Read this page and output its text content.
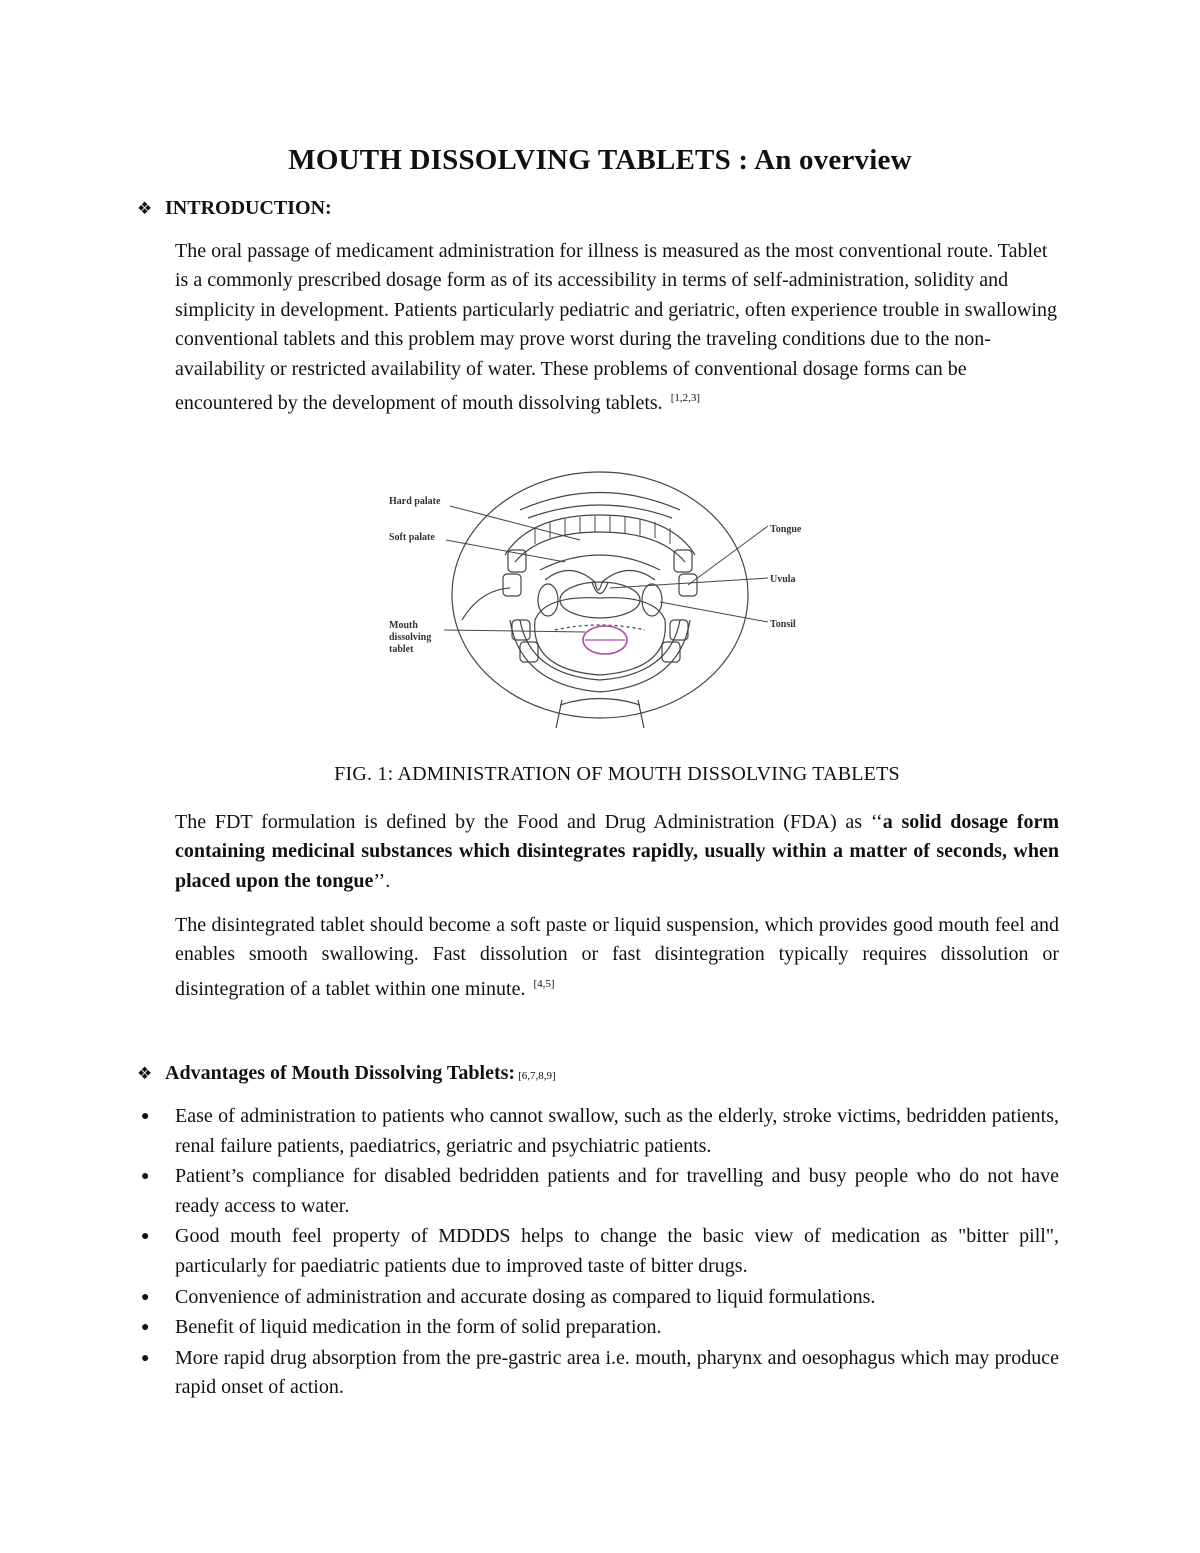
MOUTH DISSOLVING TABLETS : An overview
❖ INTRODUCTION:

The oral passage of medicament administration for illness is measured as the most conventional route. Tablet is a commonly prescribed dosage form as of its accessibility in terms of self-administration, solidity and simplicity in development. Patients particularly pediatric and geriatric, often experience trouble in swallowing conventional tablets and this problem may prove worst during the traveling conditions due to the non-availability or restricted availability of water. These problems of conventional dosage forms can be encountered by the development of mouth dissolving tablets. [1,2,3]

Hard palate
Soft palate
Mouth
dissolving
tablet
Tongue
Uvula
Tonsil
FIG. 1: ADMINISTRATION OF MOUTH DISSOLVING TABLETS

The FDT formulation is defined by the Food and Drug Administration (FDA) as ‘‘a solid dosage form containing medicinal substances which disintegrates rapidly, usually within a matter of seconds, when placed upon the tongue’’.

The disintegrated tablet should become a soft paste or liquid suspension, which provides good mouth feel and enables smooth swallowing. Fast dissolution or fast disintegration typically requires dissolution or disintegration of a tablet within one minute. [4,5]

❖ Advantages of Mouth Dissolving Tablets: [6,7,8,9]
● Ease of administration to patients who cannot swallow, such as the elderly, stroke victims, bedridden patients, renal failure patients, paediatrics, geriatric and psychiatric patients.
● Patient’s compliance for disabled bedridden patients and for travelling and busy people who do not have ready access to water.
● Good mouth feel property of MDDDS helps to change the basic view of medication as "bitter pill", particularly for paediatric patients due to improved taste of bitter drugs.
● Convenience of administration and accurate dosing as compared to liquid formulations.
● Benefit of liquid medication in the form of solid preparation.
● More rapid drug absorption from the pre-gastric area i.e. mouth, pharynx and oesophagus which may produce rapid onset of action.
